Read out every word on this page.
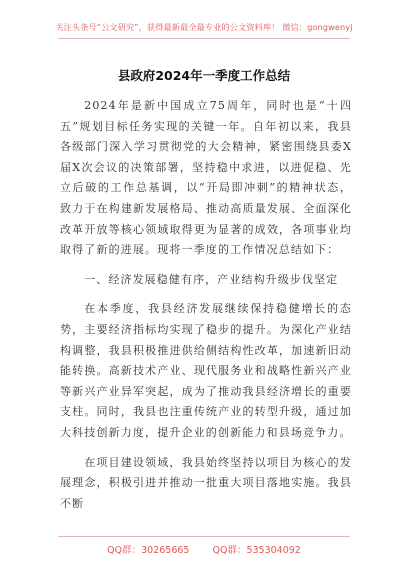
关注头条号“公文研究”，获得最新最全最专业的公文资料库！ 微信：gongwenyj
县政府2024年一季度工作总结

2024年是新中国成立75周年，同时也是“十四五”规划目标任务实现的关键一年。自年初以来，我县各级部门深入学习贯彻党的大会精神，紧密围绕县委X届X次会议的决策部署，坚持稳中求进，以进促稳、先立后破的工作总基调，以“开局即冲刺”的精神状态，致力于在构建新发展格局、推动高质量发展、全面深化改革开放等核心领域取得更为显著的成效，各项事业均取得了新的进展。现将一季度的工作情况总结如下：

一、经济发展稳健有序，产业结构升级步伐坚定

在本季度，我县经济发展继续保持稳健增长的态势，主要经济指标均实现了稳步的提升。为深化产业结构调整，我县积极推进供给侧结构性改革，加速新旧动能转换。高新技术产业、现代服务业和战略性新兴产业等新兴产业异军突起，成为了推动我县经济增长的重要支柱。同时，我县也注重传统产业的转型升级，通过加大科技创新力度，提升企业的创新能力和县场竞争力。

在项目建设领域，我县始终坚持以项目为核心的发展理念，积极引进并推动一批重大项目落地实施。我县不断

QQ群：30265665 QQ群：535304092
